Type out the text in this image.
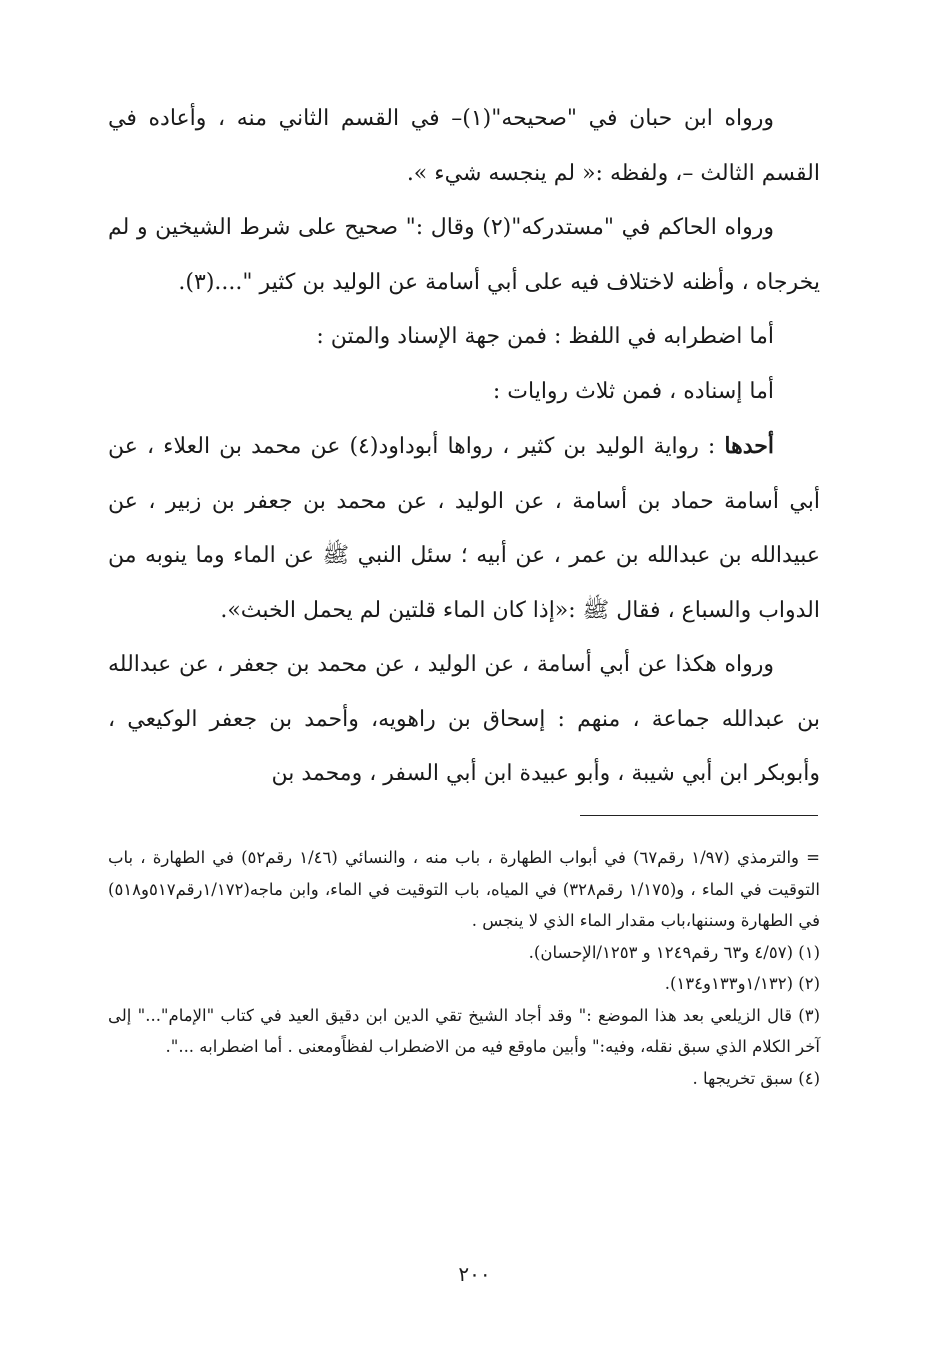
ورواه ابن حبان في "صحيحه"(١)– في القسم الثاني منه ، وأعاده في القسم الثالث –، ولفظه :« لم ينجسه شيء ».

ورواه الحاكم في "مستدركه"(٢) وقال :" صحيح على شرط الشيخين و لم يخرجاه ، وأظنه لاختلاف فيه على أبي أسامة عن الوليد بن كثير "....(٣).

أما اضطرابه في اللفظ : فمن جهة الإسناد والمتن :

أما إسناده ، فمن ثلاث روايات :

أحدها : رواية الوليد بن كثير ، رواها أبوداود(٤) عن محمد بن العلاء ، عن أبي أسامة حماد بن أسامة ، عن الوليد ، عن محمد بن جعفر بن زبير ، عن عبيدالله بن عبدالله بن عمر ، عن أبيه ؛ سئل النبي ﷺ عن الماء وما ينوبه من الدواب والسباع ، فقال ﷺ :«إذا كان الماء قلتين لم يحمل الخبث».

ورواه هكذا عن أبي أسامة ، عن الوليد ، عن محمد بن جعفر ، عن عبدالله بن عبدالله جماعة ، منهم : إسحاق بن راهويه، وأحمد بن جعفر الوكيعي ، وأبوبكر ابن أبي شيبة ، وأبو عبيدة ابن أبي السفر ، ومحمد بن

= والترمذي (١/٩٧ رقم٦٧) في أبواب الطهارة ، باب منه ، والنسائي (١/٤٦ رقم٥٢) في الطهارة ، باب التوقيت في الماء ، و(١/١٧٥ رقم٣٢٨) في المياه، باب التوقيت في الماء، وابن ماجه(١/١٧٢رقم٥١٧و٥١٨) في الطهارة وسننها،باب مقدار الماء الذي لا ينجس .

(١) (٤/٥٧ و٦٣ رقم١٢٤٩ و ١٢٥٣/الإحسان).

(٢) (١/١٣٢و١٣٣و١٣٤).

(٣) قال الزيلعي بعد هذا الموضع :" وقد أجاد الشيخ تقي الدين ابن دقيق العيد في كتاب "الإمام"..." إلى آخر الكلام الذي سبق نقله، وفيه:" وأبين ماوقع فيه من الاضطراب لفظاًومعنى . أما اضطرابه ...".

(٤) سبق تخريجها .

٢٠٠
